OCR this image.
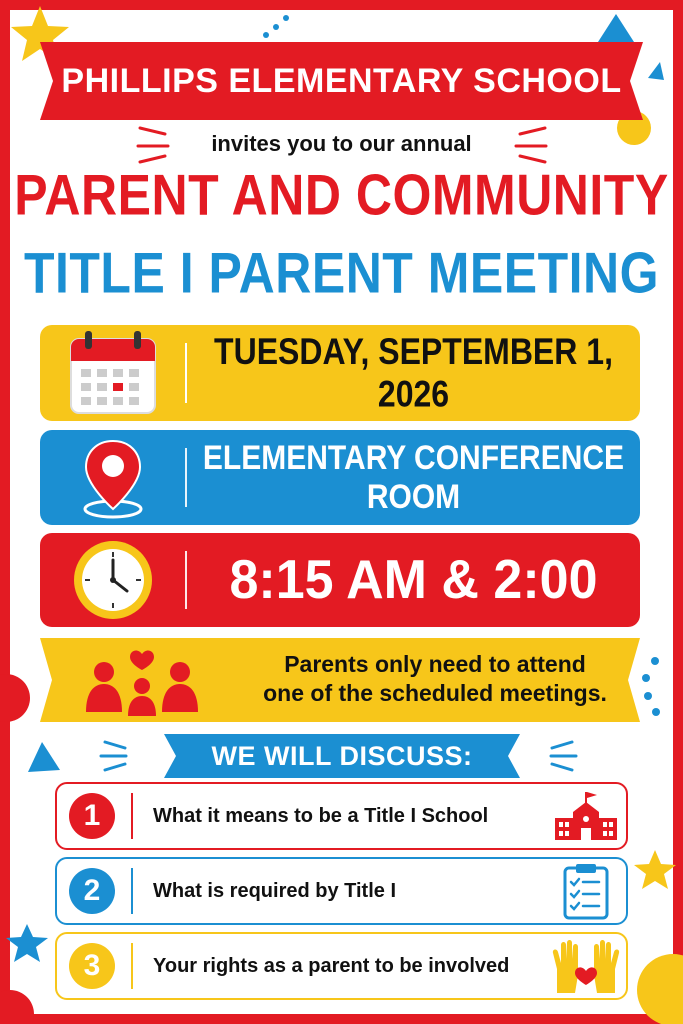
PHILLIPS ELEMENTARY SCHOOL
invites you to our annual
PARENT AND COMMUNITY
TITLE I PARENT MEETING
TUESDAY, SEPTEMBER 1, 2026
ELEMENTARY CONFERENCE ROOM
8:15 AM & 2:00
Parents only need to attend
one of the scheduled meetings.
WE WILL DISCUSS:
1	What it means to be a Title I School
2	What is required by Title I
3	Your rights as a parent to be involved
